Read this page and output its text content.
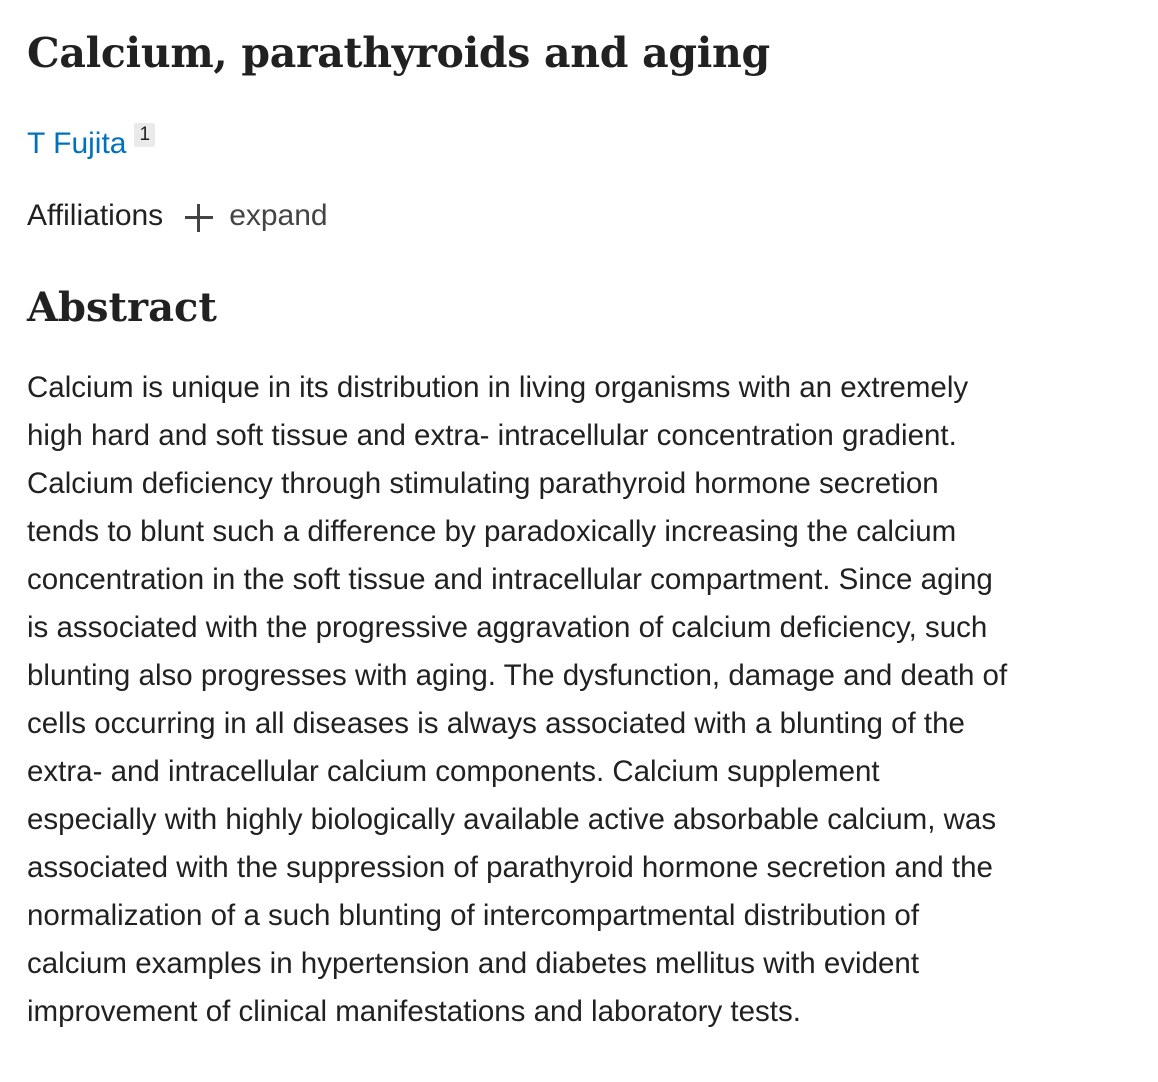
Calcium, parathyroids and aging
T Fujita 1
Affiliations expand
Abstract
Calcium is unique in its distribution in living organisms with an extremely
high hard and soft tissue and extra- intracellular concentration gradient.
Calcium deficiency through stimulating parathyroid hormone secretion
tends to blunt such a difference by paradoxically increasing the calcium
concentration in the soft tissue and intracellular compartment. Since aging
is associated with the progressive aggravation of calcium deficiency, such
blunting also progresses with aging. The dysfunction, damage and death of
cells occurring in all diseases is always associated with a blunting of the
extra- and intracellular calcium components. Calcium supplement
especially with highly biologically available active absorbable calcium, was
associated with the suppression of parathyroid hormone secretion and the
normalization of a such blunting of intercompartmental distribution of
calcium examples in hypertension and diabetes mellitus with evident
improvement of clinical manifestations and laboratory tests.
